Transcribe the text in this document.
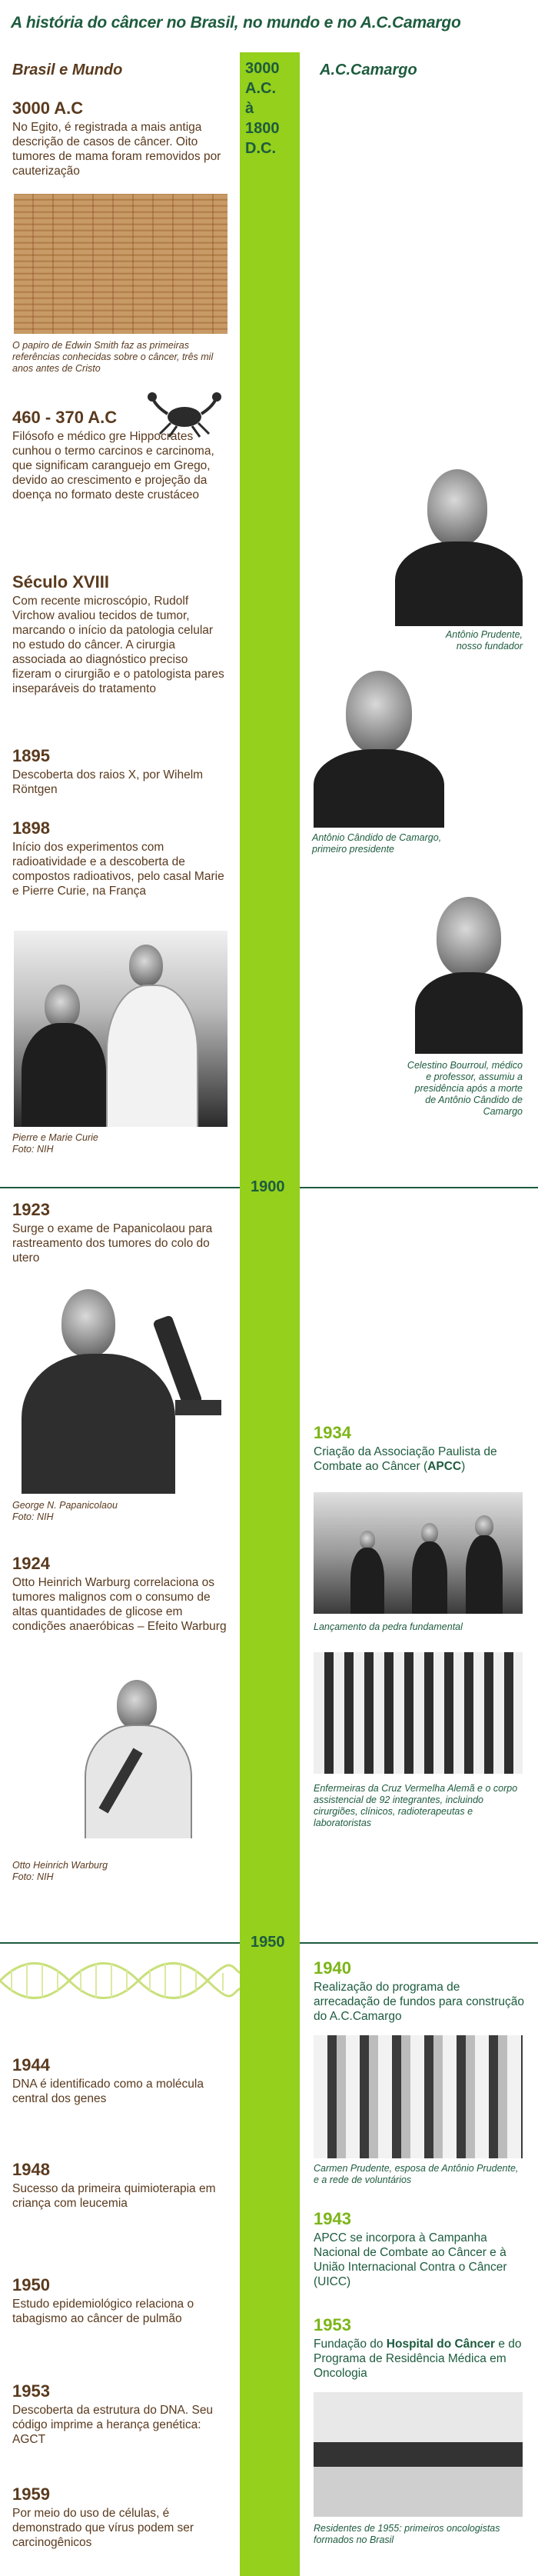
A história do câncer no Brasil, no mundo e no A.C.Camargo
Brasil e Mundo	A.C.Camargo
3000
A.C.
à
1800
D.C.
1900
1950
3000 A.C
No Egito, é registrada a mais antiga descrição de casos de câncer. Oito tumores de mama foram removidos por cauterização
O papiro de Edwin Smith faz as primeiras referências conhecidas sobre o câncer, três mil anos antes de Cristo
460 - 370 A.C
Filósofo e médico gre Hippocrates cunhou o termo carcinos e carcinoma, que significam caranguejo em Grego, devido ao crescimento e projeção da doença no formato deste crustáceo
Século XVIII
Com recente microscópio, Rudolf Virchow avaliou tecidos de tumor, marcando o início da patologia celular no estudo do câncer. A cirurgia associada ao diagnóstico preciso fizeram o cirurgião e o patologista pares inseparáveis do tratamento
1895
Descoberta dos raios X, por Wihelm Röntgen
1898
Início dos experimentos com radioatividade e a descoberta de compostos radioativos, pelo casal Marie e Pierre Curie, na França
Pierre e Marie Curie
Foto: NIH
1923
Surge o exame de Papanicolaou para rastreamento dos tumores do colo do utero
George N. Papanicolaou
Foto: NIH
1924
Otto Heinrich Warburg correlaciona os tumores malignos com o consumo de altas quantidades de glicose em condições anaeróbicas – Efeito Warburg
Otto Heinrich Warburg
Foto: NIH
1944
DNA é identificado como a molécula central dos genes
1948
Sucesso da primeira quimioterapia em criança com leucemia
1950
Estudo epidemiológico relaciona o tabagismo ao câncer de pulmão
1953
Descoberta da estrutura do DNA. Seu código imprime a herança genética: AGCT
1959
Por meio do uso de células, é demonstrado que vírus podem ser carcinogênicos
Antônio Prudente,
nosso fundador
Antônio Cândido de Camargo,
primeiro presidente
Celestino Bourroul, médico
e professor, assumiu a
presidência após a morte
de Antônio Cândido de
Camargo
1934
Criação da Associação Paulista de Combate ao Câncer (APCC)
Lançamento da pedra fundamental
Enfermeiras da Cruz Vermelha Alemã e o corpo assistencial de 92 integrantes, incluindo cirurgiões, clínicos, radioterapeutas e laboratoristas
1940
Realização do programa de arrecadação de fundos para construção do A.C.Camargo
Carmen Prudente, esposa de Antônio Prudente, e a rede de voluntários
1943
APCC se incorpora à Campanha Nacional de Combate ao Câncer e à União Internacional Contra o Câncer (UICC)
1953
Fundação do Hospital do Câncer e do Programa de Residência Médica em Oncologia
Residentes de 1955: primeiros oncologistas formados no Brasil
